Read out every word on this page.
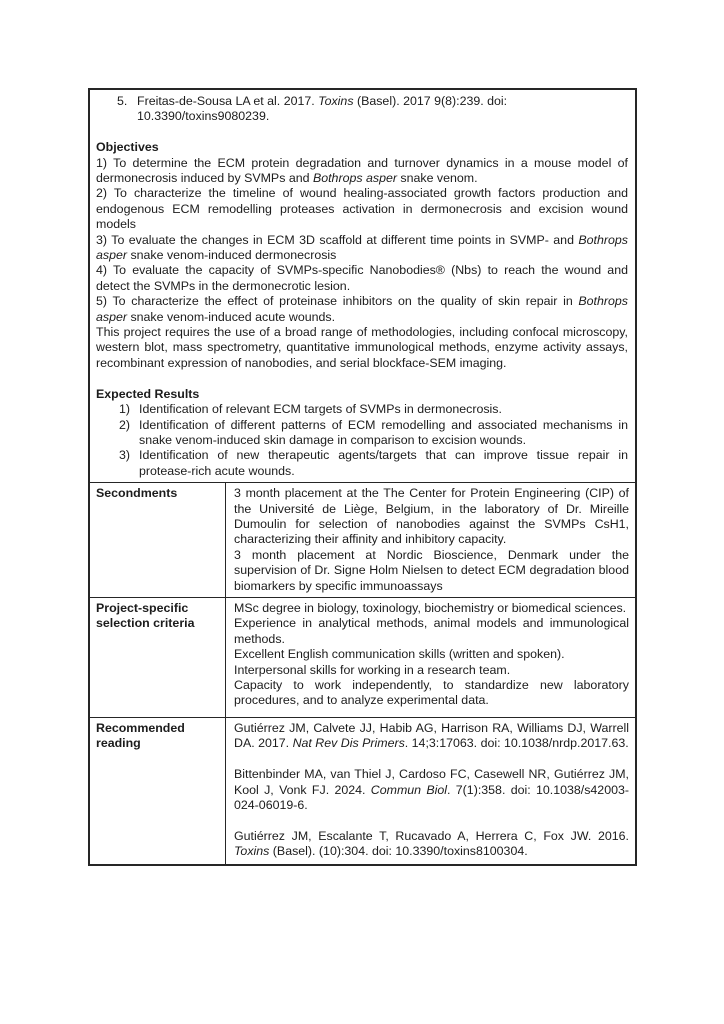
5. Freitas-de-Sousa LA et al. 2017. Toxins (Basel). 2017 9(8):239. doi: 10.3390/toxins9080239.
Objectives

1) To determine the ECM protein degradation and turnover dynamics in a mouse model of dermonecrosis induced by SVMPs and Bothrops asper snake venom.

2) To characterize the timeline of wound healing-associated growth factors production and endogenous ECM remodelling proteases activation in dermonecrosis and excision wound models

3) To evaluate the changes in ECM 3D scaffold at different time points in SVMP- and Bothrops asper snake venom-induced dermonecrosis

4) To evaluate the capacity of SVMPs-specific Nanobodies® (Nbs) to reach the wound and detect the SVMPs in the dermonecrotic lesion.

5) To characterize the effect of proteinase inhibitors on the quality of skin repair in Bothrops asper snake venom-induced acute wounds.

This project requires the use of a broad range of methodologies, including confocal microscopy, western blot, mass spectrometry, quantitative immunological methods, enzyme activity assays, recombinant expression of nanobodies, and serial blockface-SEM imaging.

Expected Results
1) Identification of relevant ECM targets of SVMPs in dermonecrosis.
2) Identification of different patterns of ECM remodelling and associated mechanisms in snake venom-induced skin damage in comparison to excision wounds.
3) Identification of new therapeutic agents/targets that can improve tissue repair in protease-rich acute wounds.
Secondments	3 month placement at the The Center for Protein Engineering (CIP) of the Université de Liège, Belgium, in the laboratory of Dr. Mireille Dumoulin for selection of nanobodies against the SVMPs CsH1, characterizing their affinity and inhibitory capacity.

3 month placement at Nordic Bioscience, Denmark under the supervision of Dr. Signe Holm Nielsen to detect ECM degradation blood biomarkers by specific immunoassays

Project-specific selection criteria

MSc degree in biology, toxinology, biochemistry or biomedical sciences.

Experience in analytical methods, animal models and immunological methods.

Excellent English communication skills (written and spoken).

Interpersonal skills for working in a research team.

Capacity to work independently, to standardize new laboratory procedures, and to analyze experimental data.

Recommended reading

Gutiérrez JM, Calvete JJ, Habib AG, Harrison RA, Williams DJ, Warrell DA. 2017. Nat Rev Dis Primers. 14;3:17063. doi: 10.1038/nrdp.2017.63.

Bittenbinder MA, van Thiel J, Cardoso FC, Casewell NR, Gutiérrez JM, Kool J, Vonk FJ. 2024. Commun Biol. 7(1):358. doi: 10.1038/s42003-024-06019-6.

Gutiérrez JM, Escalante T, Rucavado A, Herrera C, Fox JW. 2016. Toxins (Basel). (10):304. doi: 10.3390/toxins8100304.
